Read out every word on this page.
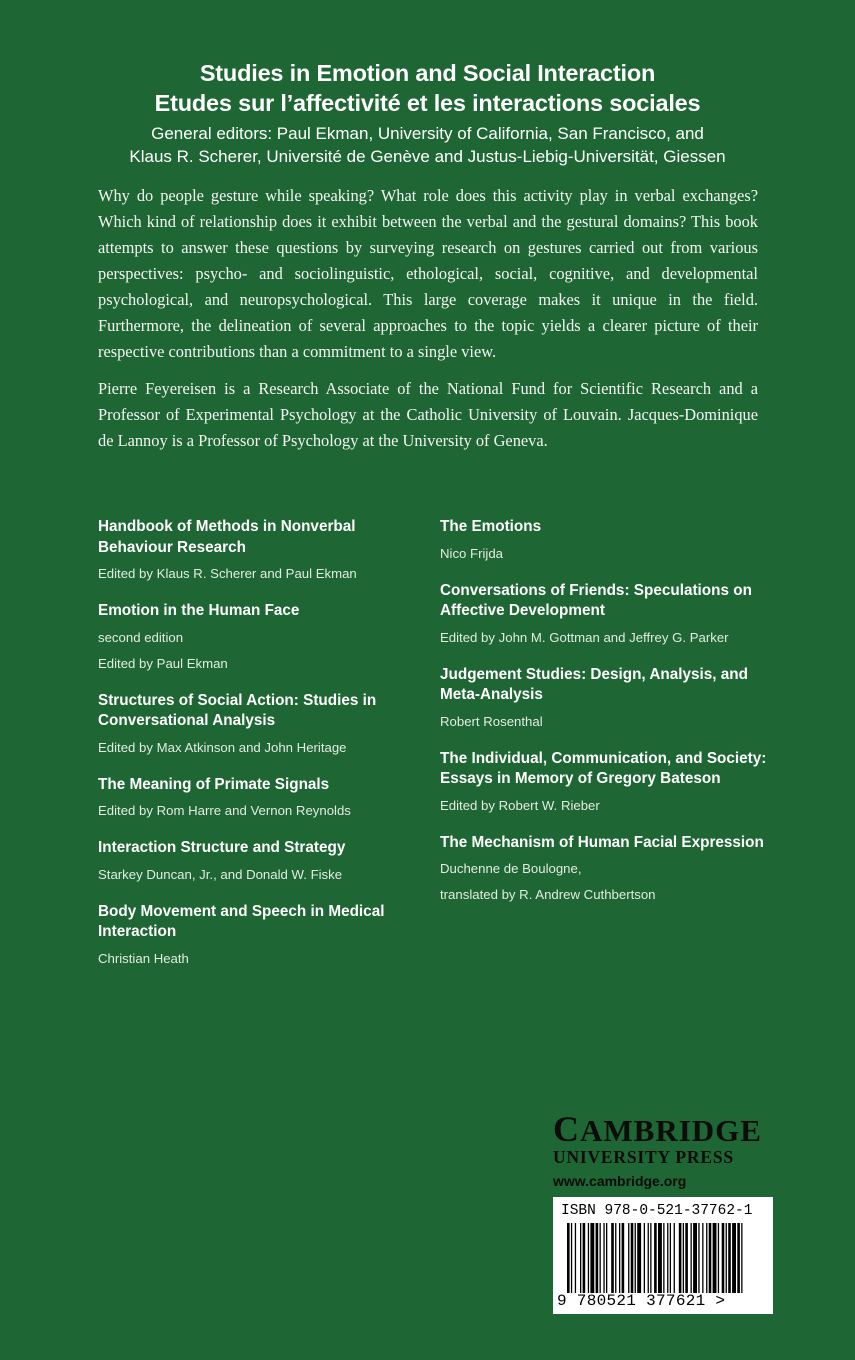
Studies in Emotion and Social Interaction
Etudes sur l’affectivité et les interactions sociales
General editors: Paul Ekman, University of California, San Francisco, and
Klaus R. Scherer, Université de Genève and Justus-Liebig-Universität, Giessen

Why do people gesture while speaking? What role does this activity play in verbal exchanges? Which kind of relationship does it exhibit between the verbal and the gestural domains? This book attempts to answer these questions by surveying research on gestures carried out from various perspectives: psycho- and sociolinguistic, ethological, social, cognitive, and developmental psychological, and neuropsychological. This large coverage makes it unique in the field. Furthermore, the delineation of several approaches to the topic yields a clearer picture of their respective contributions than a commitment to a single view.

Pierre Feyereisen is a Research Associate of the National Fund for Scientific Research and a Professor of Experimental Psychology at the Catholic University of Louvain. Jacques-Dominique de Lannoy is a Professor of Psychology at the University of Geneva.

Handbook of Methods in Nonverbal Behaviour Research
Edited by Klaus R. Scherer and Paul Ekman
Emotion in the Human Face
second edition
Edited by Paul Ekman
Structures of Social Action: Studies in Conversational Analysis
Edited by Max Atkinson and John Heritage
The Meaning of Primate Signals
Edited by Rom Harre and Vernon Reynolds
Interaction Structure and Strategy
Starkey Duncan, Jr., and Donald W. Fiske
Body Movement and Speech in Medical Interaction
Christian Heath
The Emotions
Nico Frijda
Conversations of Friends: Speculations on Affective Development
Edited by John M. Gottman and Jeffrey G. Parker
Judgement Studies: Design, Analysis, and Meta-Analysis
Robert Rosenthal
The Individual, Communication, and Society: Essays in Memory of Gregory Bateson
Edited by Robert W. Rieber
The Mechanism of Human Facial Expression
Duchenne de Boulogne,
translated by R. Andrew Cuthbertson
CAMBRIDGE
UNIVERSITY PRESS
www.cambridge.org
ISBN 978-0-521-37762-1
9 780521 377621 >
